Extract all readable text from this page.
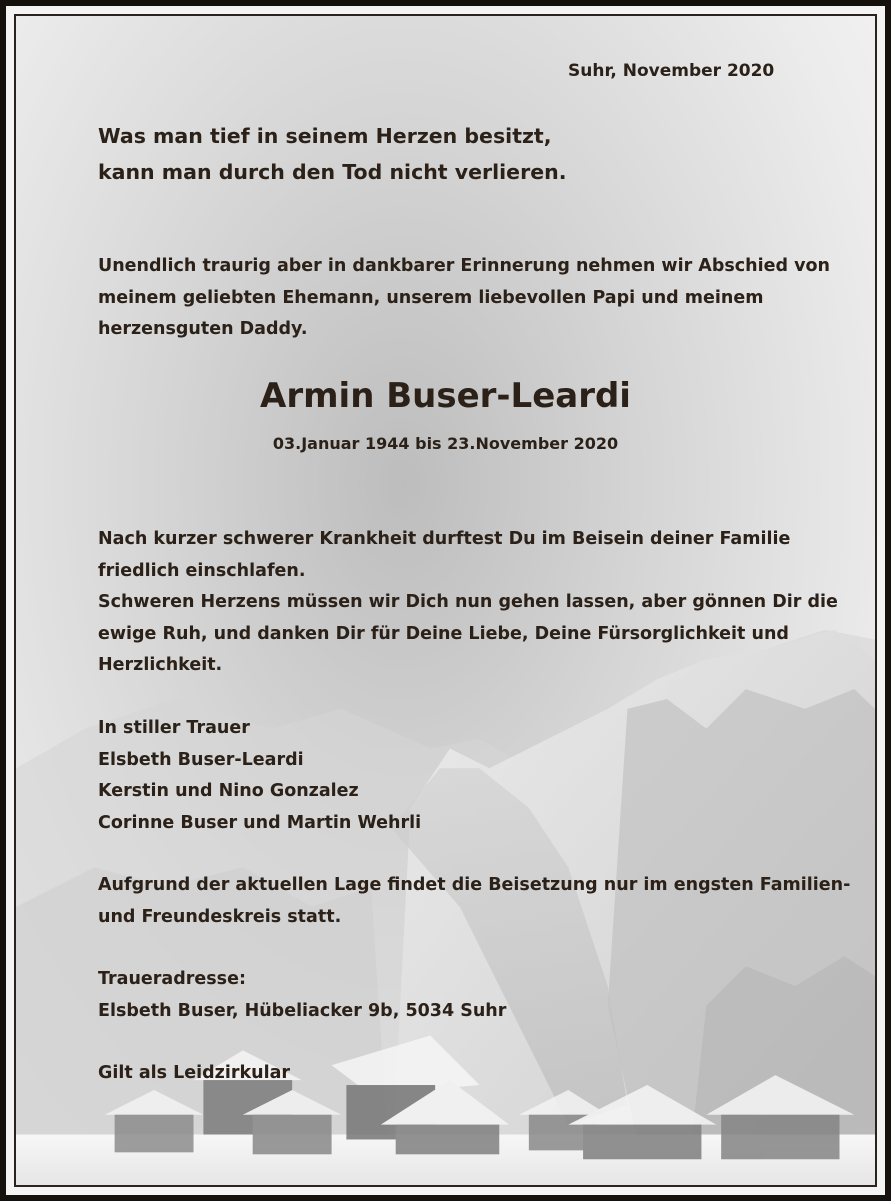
Suhr, November 2020
Was man tief in seinem Herzen besitzt,
kann man durch den Tod nicht verlieren.
Unendlich traurig aber in dankbarer Erinnerung nehmen wir Abschied von
meinem geliebten Ehemann, unserem liebevollen Papi und meinem
herzensguten Daddy.
Armin Buser-Leardi
03.Januar 1944 bis 23.November 2020
Nach kurzer schwerer Krankheit durftest Du im Beisein deiner Familie
friedlich einschlafen.
Schweren Herzens müssen wir Dich nun gehen lassen, aber gönnen Dir die
ewige Ruh, und danken Dir für Deine Liebe, Deine Fürsorglichkeit und
Herzlichkeit.
In stiller Trauer
Elsbeth Buser-Leardi
Kerstin und Nino Gonzalez
Corinne Buser und Martin Wehrli
Aufgrund der aktuellen Lage findet die Beisetzung nur im engsten Familien-
und Freundeskreis statt.
Traueradresse:
Elsbeth Buser, Hübeliacker 9b, 5034 Suhr
Gilt als Leidzirkular
